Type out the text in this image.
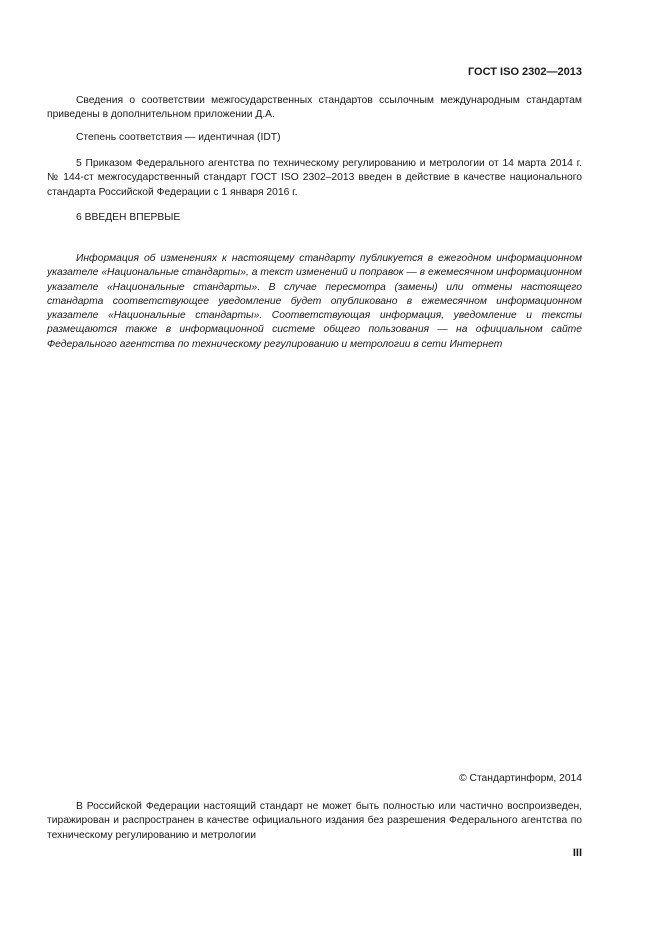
ГОСТ ISO 2302—2013
Сведения о соответствии межгосударственных стандартов ссылочным международным стандартам приведены в дополнительном приложении Д.А.
Степень соответствия — идентичная (IDT)
5 Приказом Федерального агентства по техническому регулированию и метрологии от 14 марта 2014 г. № 144-ст межгосударственный стандарт ГОСТ ISO 2302–2013 введен в действие в качестве национального стандарта Российской Федерации с 1 января 2016 г.
6 ВВЕДЕН ВПЕРВЫЕ
Информация об изменениях к настоящему стандарту публикуется в ежегодном информационном указателе «Национальные стандарты», а текст изменений и поправок — в ежемесячном информационном указателе «Национальные стандарты». В случае пересмотра (замены) или отмены настоящего стандарта соответствующее уведомление будет опубликовано в ежемесячном информационном указателе «Национальные стандарты». Соответствующая информация, уведомление и тексты размещаются также в информационной системе общего пользования — на официальном сайте Федерального агентства по техническому регулированию и метрологии в сети Интернет
© Стандартинформ, 2014
В Российской Федерации настоящий стандарт не может быть полностью или частично воспроизведен, тиражирован и распространен в качестве официального издания без разрешения Федерального агентства по техническому регулированию и метрологии
III
